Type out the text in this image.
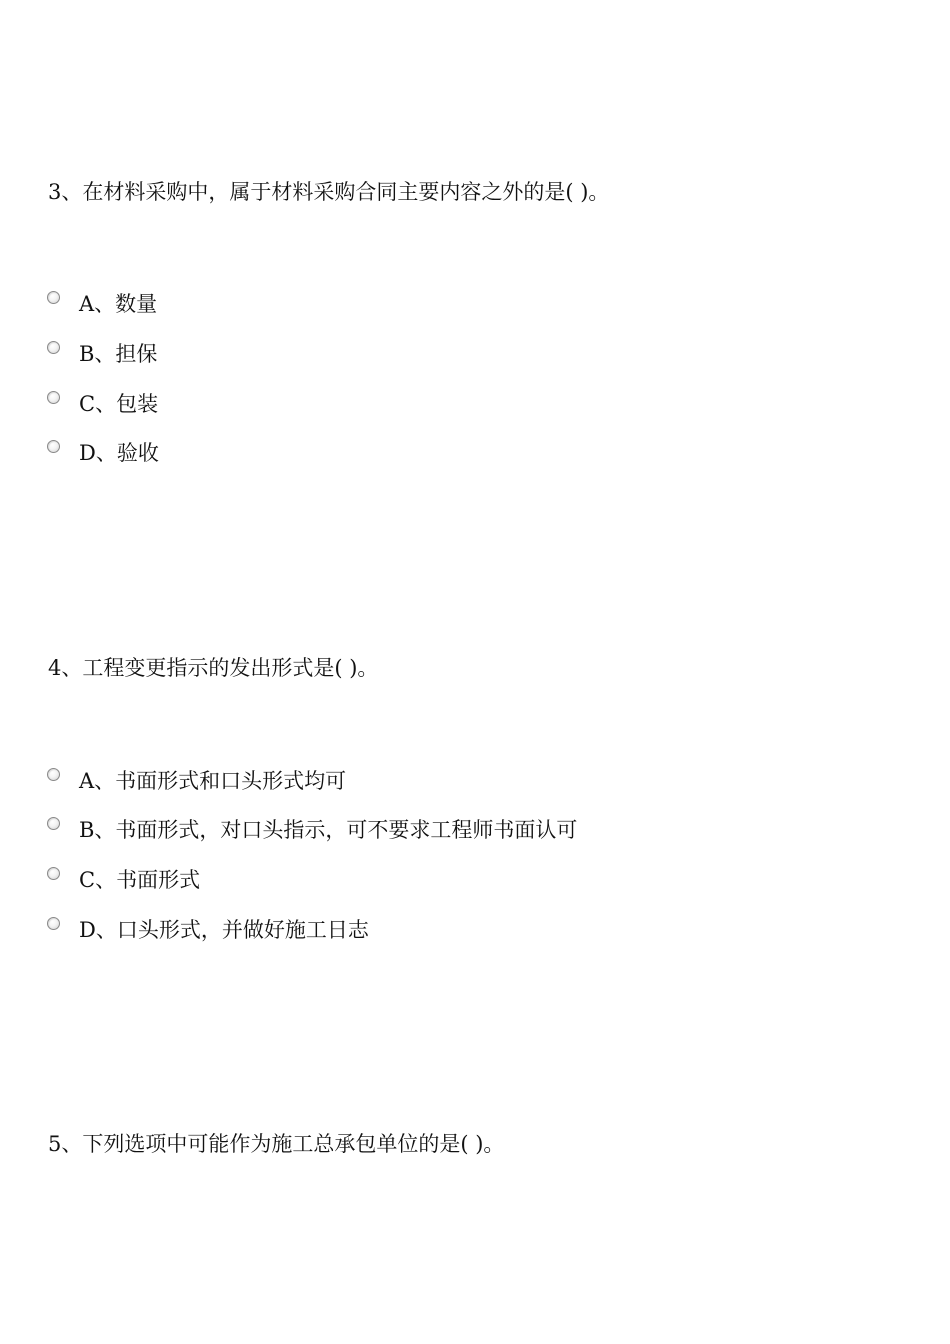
3、在材料采购中，属于材料采购合同主要内容之外的是( )。

A、数量
B、担保
C、包装
D、验收

4、工程变更指示的发出形式是( )。

A、书面形式和口头形式均可
B、书面形式，对口头指示，可不要求工程师书面认可
C、书面形式
D、口头形式，并做好施工日志

5、下列选项中可能作为施工总承包单位的是( )。
